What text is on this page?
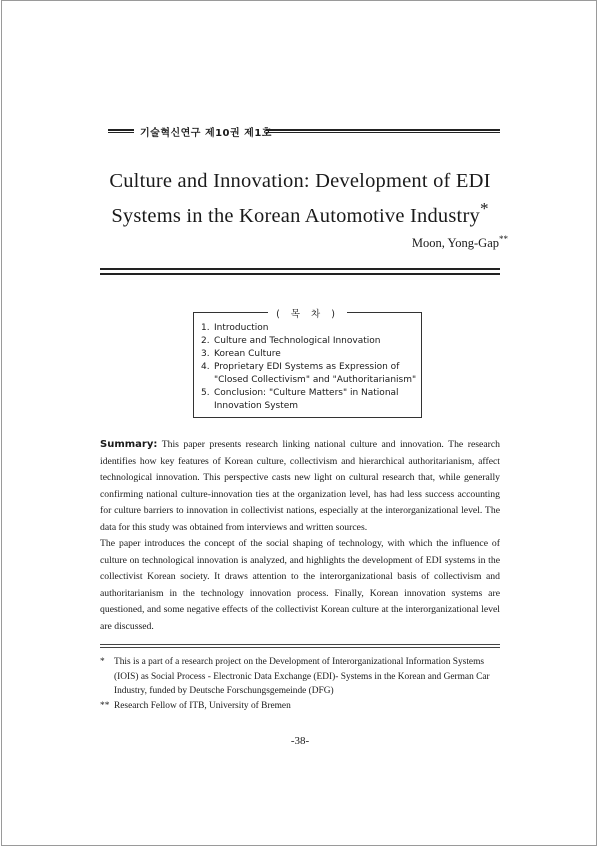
기술혁신연구 제10권 제1호
Culture and Innovation: Development of EDI
Systems in the Korean Automotive Industry*
Moon, Yong-Gap**
( 목 차 )
1. Introduction
2. Culture and Technological Innovation
3. Korean Culture
4. Proprietary EDI Systems as Expression of "Closed Collectivism" and "Authoritarianism"
5. Conclusion: "Culture Matters" in National Innovation System

Summary: This paper presents research linking national culture and innovation. The research identifies how key features of Korean culture, collectivism and hierarchical authoritarianism, affect technological innovation. This perspective casts new light on cultural research that, while generally confirming national culture-innovation ties at the organization level, has had less success accounting for culture barriers to innovation in collectivist nations, especially at the interorganizational level. The data for this study was obtained from interviews and written sources.

The paper introduces the concept of the social shaping of technology, with which the influence of culture on technological innovation is analyzed, and highlights the development of EDI systems in the collectivist Korean society. It draws attention to the interorganizational basis of collectivism and authoritarianism in the technology innovation process. Finally, Korean innovation systems are questioned, and some negative effects of the collectivist Korean culture at the interorganizational level are discussed.

* This is a part of a research project on the Development of Interorganizational Information Systems (IOIS) as Social Process - Electronic Data Exchange (EDI)- Systems in the Korean and German Car Industry, funded by Deutsche Forschungsgemeinde (DFG)
** Research Fellow of ITB, University of Bremen
-38-
